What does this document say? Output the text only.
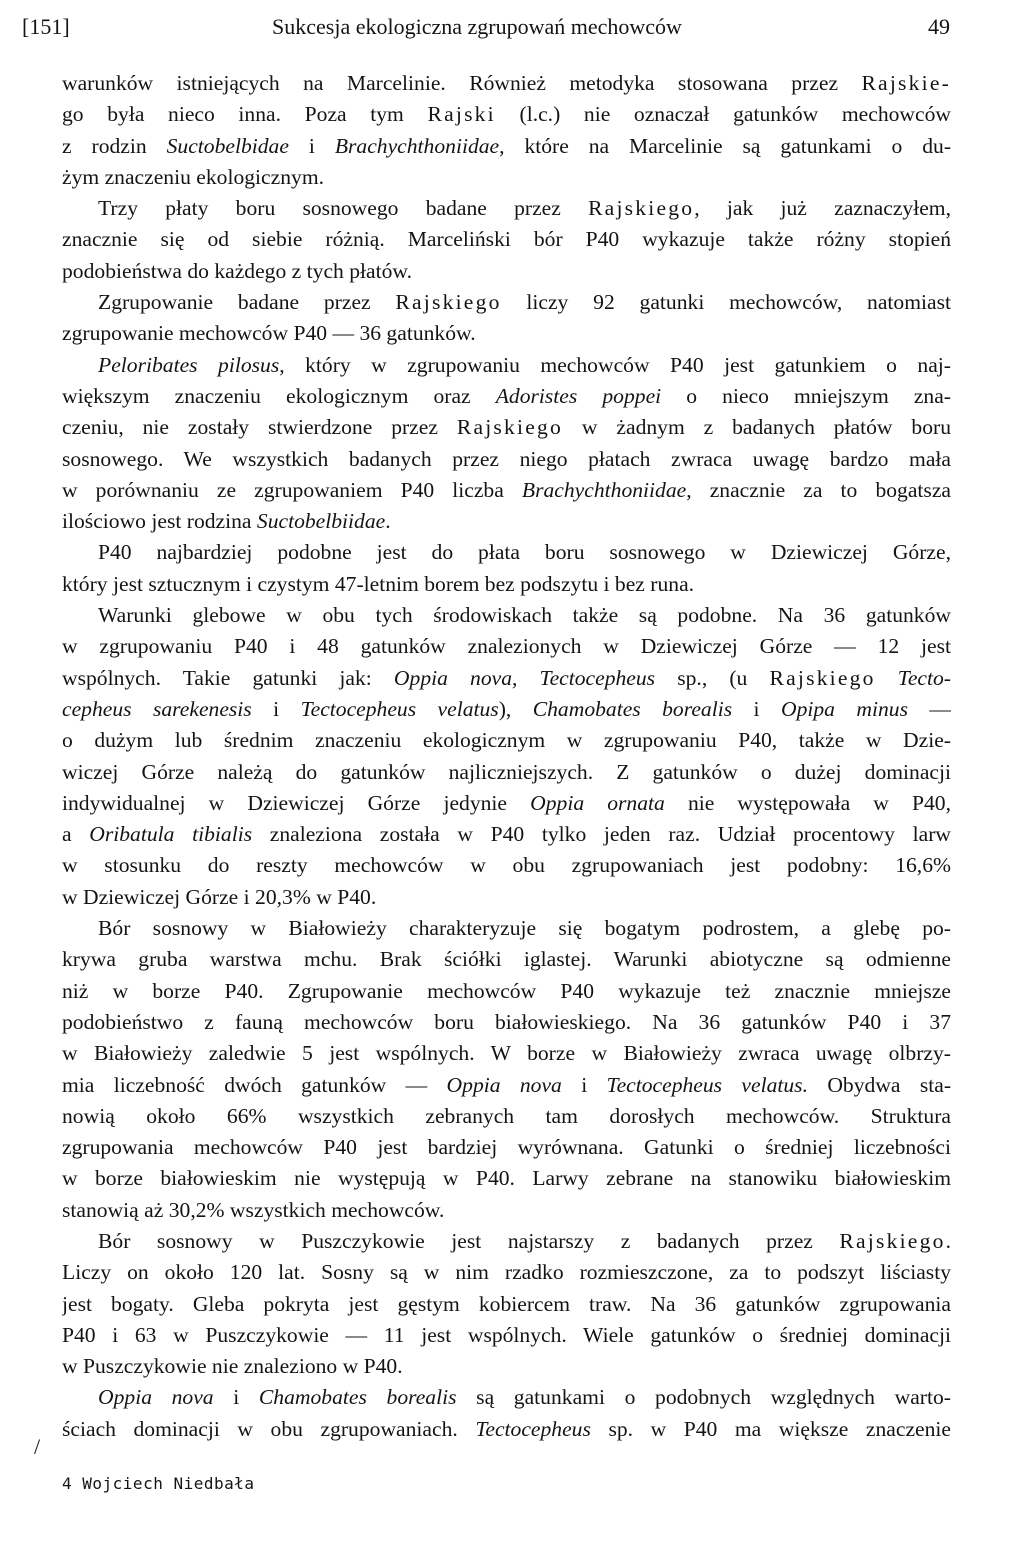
[151]	Sukcesja ekologiczna zgrupowań mechowców	49
warunków istniejących na Marcelinie. Również metodyka stosowana przez Rajskie-
go była nieco inna. Poza tym Rajski (l.c.) nie oznaczał gatunków mechowców
z rodzin Suctobelbidae i Brachychthoniidae, które na Marcelinie są gatunkami o du-
żym znaczeniu ekologicznym.
Trzy płaty boru sosnowego badane przez Rajskiego, jak już zaznaczyłem,
znacznie się od siebie różnią. Marceliński bór P40 wykazuje także różny stopień
podobieństwa do każdego z tych płatów.
Zgrupowanie badane przez Rajskiego liczy 92 gatunki mechowców, natomiast
zgrupowanie mechowców P40 — 36 gatunków.
Peloribates pilosus, który w zgrupowaniu mechowców P40 jest gatunkiem o naj-
większym znaczeniu ekologicznym oraz Adoristes poppei o nieco mniejszym zna-
czeniu, nie zostały stwierdzone przez Rajskiego w żadnym z badanych płatów boru
sosnowego. We wszystkich badanych przez niego płatach zwraca uwagę bardzo mała
w porównaniu ze zgrupowaniem P40 liczba Brachychthoniidae, znacznie za to bogatsza
ilościowo jest rodzina Suctobelbiidae.
P40 najbardziej podobne jest do płata boru sosnowego w Dziewiczej Górze,
który jest sztucznym i czystym 47-letnim borem bez podszytu i bez runa.
Warunki glebowe w obu tych środowiskach także są podobne. Na 36 gatunków
w zgrupowaniu P40 i 48 gatunków znalezionych w Dziewiczej Górze — 12 jest
wspólnych. Takie gatunki jak: Oppia nova, Tectocepheus sp., (u Rajskiego Tecto-
cepheus sarekenesis i Tectocepheus velatus), Chamobates borealis i Opipa minus —
o dużym lub średnim znaczeniu ekologicznym w zgrupowaniu P40, także w Dzie-
wiczej Górze należą do gatunków najliczniejszych. Z gatunków o dużej dominacji
indywidualnej w Dziewiczej Górze jedynie Oppia ornata nie występowała w P40,
a Oribatula tibialis znaleziona została w P40 tylko jeden raz. Udział procentowy larw
w stosunku do reszty mechowców w obu zgrupowaniach jest podobny: 16,6%
w Dziewiczej Górze i 20,3% w P40.
Bór sosnowy w Białowieży charakteryzuje się bogatym podrostem, a glebę po-
krywa gruba warstwa mchu. Brak ściółki iglastej. Warunki abiotyczne są odmienne
niż w borze P40. Zgrupowanie mechowców P40 wykazuje też znacznie mniejsze
podobieństwo z fauną mechowców boru białowieskiego. Na 36 gatunków P40 i 37
w Białowieży zaledwie 5 jest wspólnych. W borze w Białowieży zwraca uwagę olbrzy-
mia liczebność dwóch gatunków — Oppia nova i Tectocepheus velatus. Obydwa sta-
nowią około 66% wszystkich zebranych tam dorosłych mechowców. Struktura
zgrupowania mechowców P40 jest bardziej wyrównana. Gatunki o średniej liczebności
w borze białowieskim nie występują w P40. Larwy zebrane na stanowiku białowieskim
stanowią aż 30,2% wszystkich mechowców.
Bór sosnowy w Puszczykowie jest najstarszy z badanych przez Rajskiego.
Liczy on około 120 lat. Sosny są w nim rzadko rozmieszczone, za to podszyt liściasty
jest bogaty. Gleba pokryta jest gęstym kobiercem traw. Na 36 gatunków zgrupowania
P40 i 63 w Puszczykowie — 11 jest wspólnych. Wiele gatunków o średniej dominacji
w Puszczykowie nie znaleziono w P40.
Oppia nova i Chamobates borealis są gatunkami o podobnych względnych warto-
ściach dominacji w obu zgrupowaniach. Tectocepheus sp. w P40 ma większe znaczenie
/
4 Wojciech Niedbała
